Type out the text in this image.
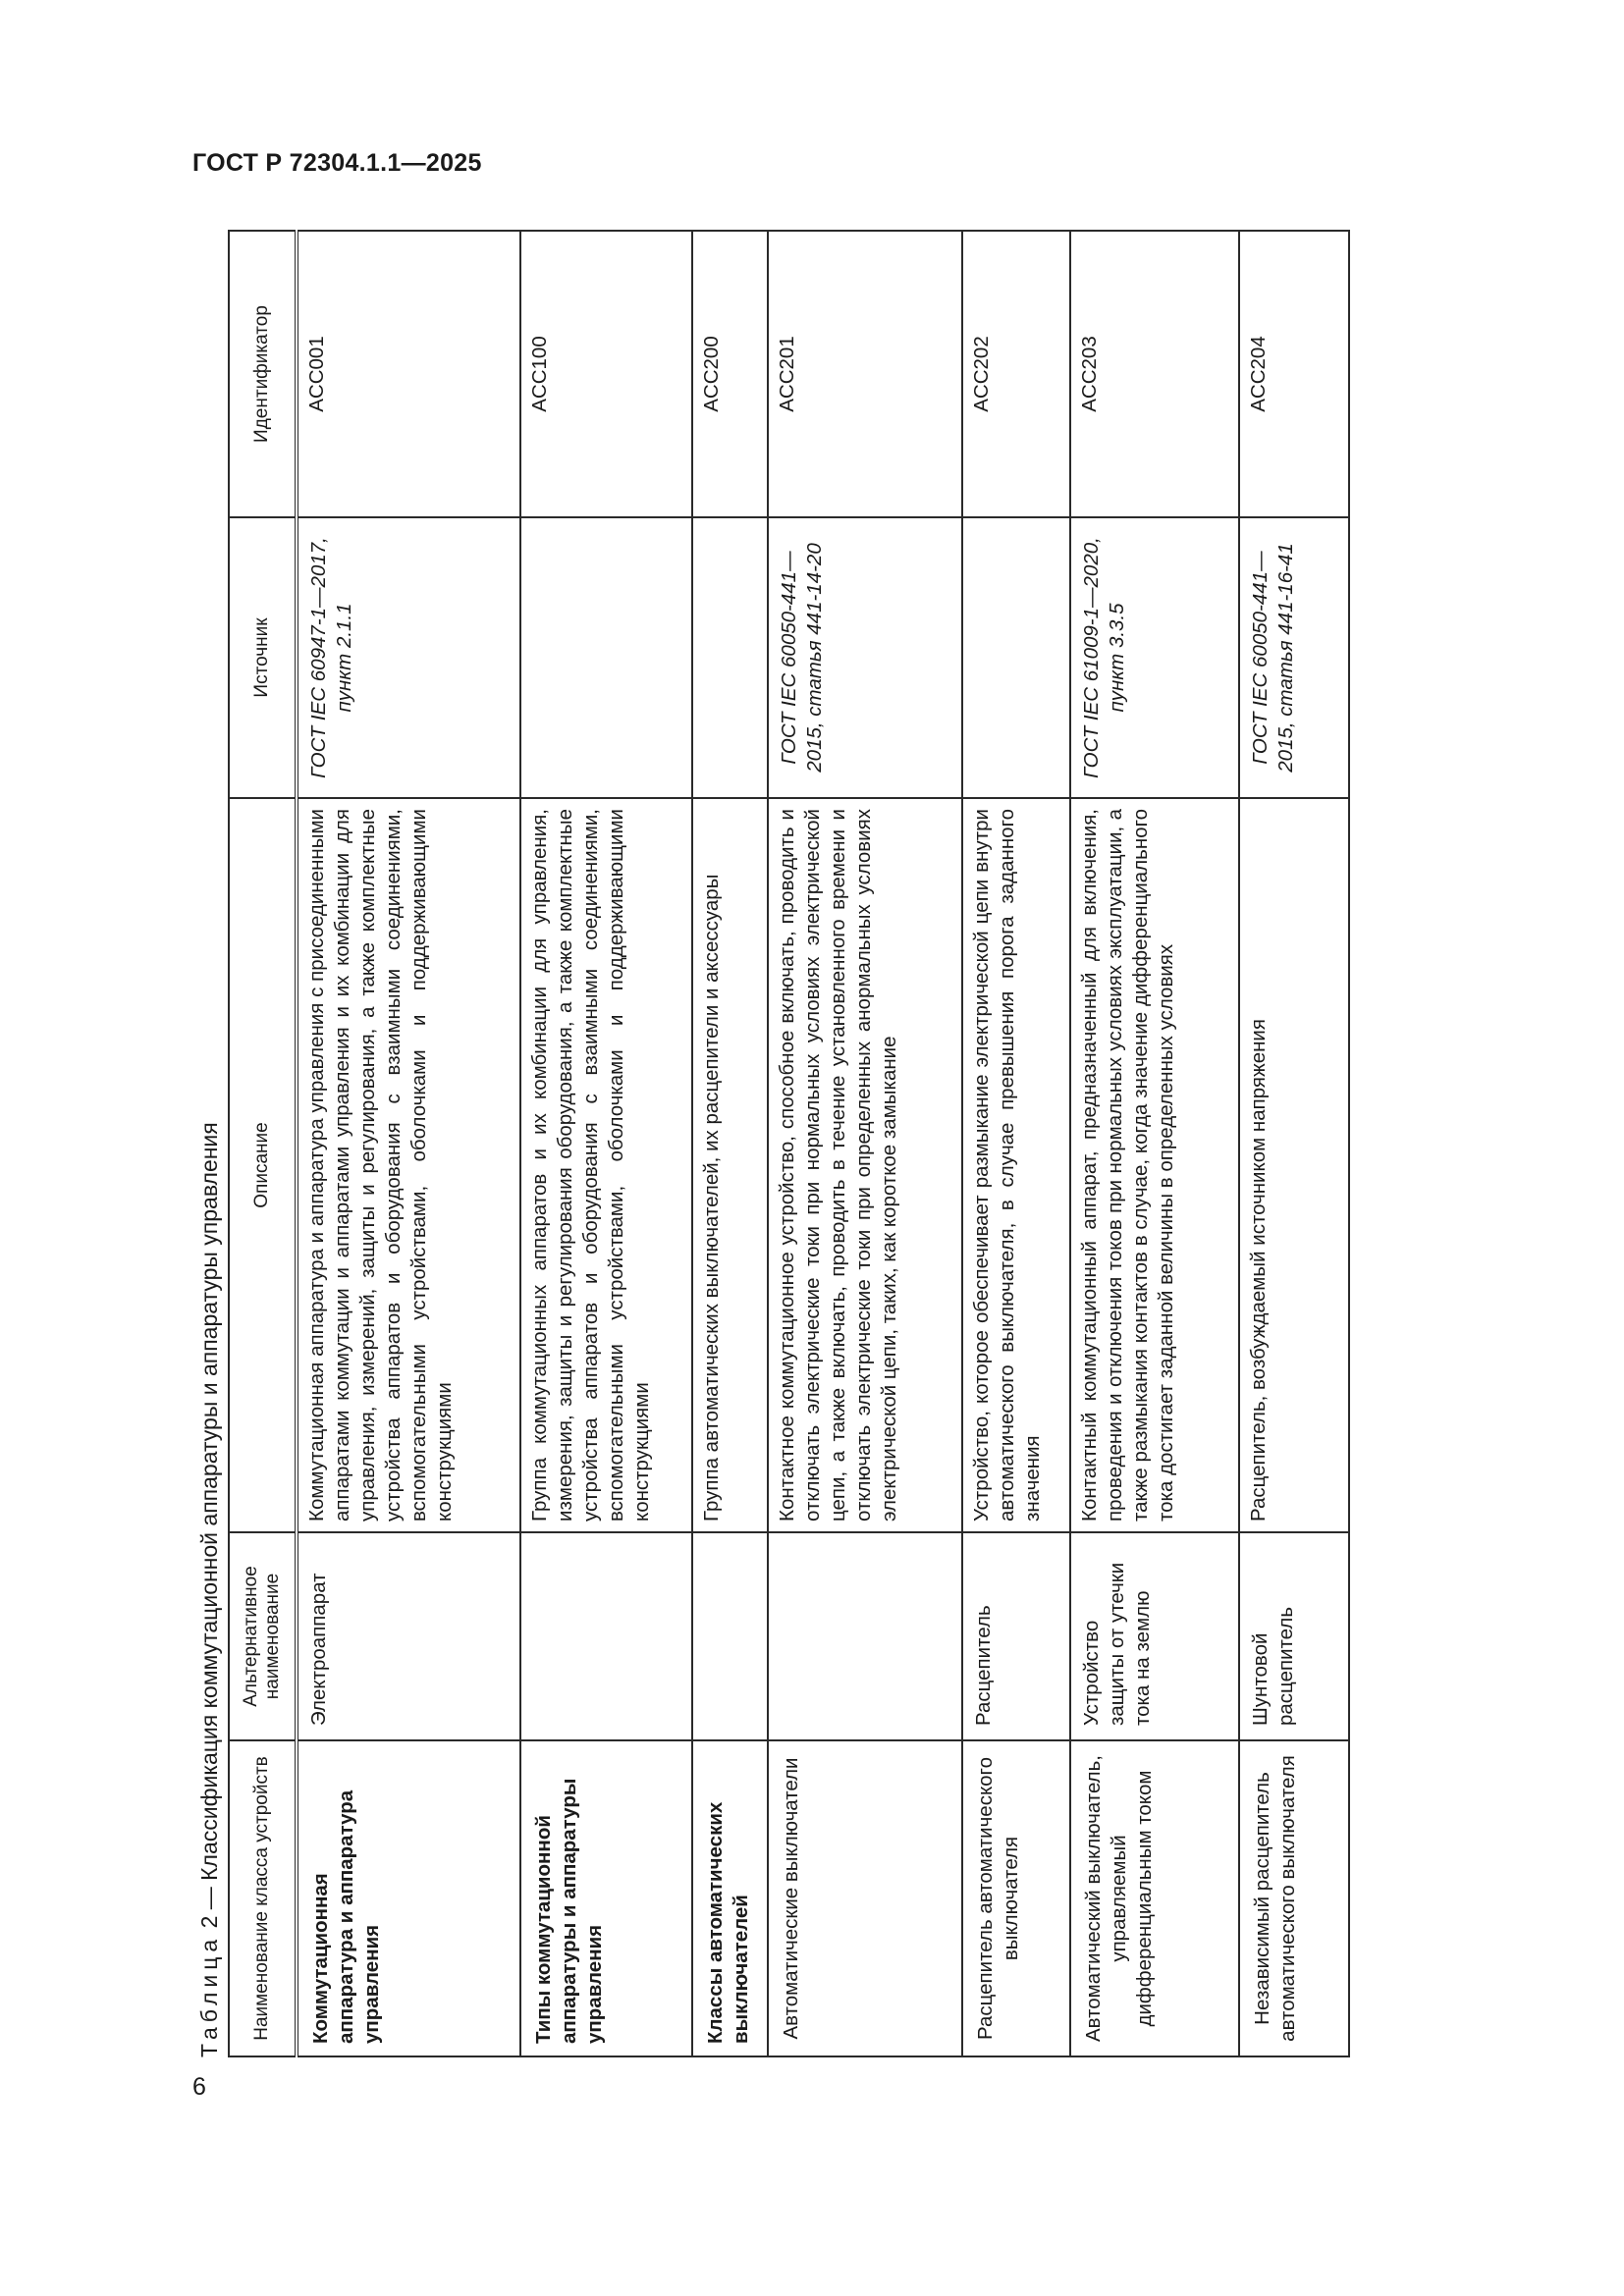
ГОСТ Р 72304.1.1—2025
6
Таблица 2 — Классификация коммутационной аппаратуры и аппаратуры управления Наименование класса устройств	Альтернативное наименование	Описание	Источник	Идентификатор
Коммутационная аппаратура и аппаратура управления	Электроаппарат	Коммутационная аппаратура и аппаратура управления с присоединенными аппаратами коммутации и аппаратами управления и их комбинации для управления, измерений, защиты и регулирования, а также комплектные устройства аппаратов и оборудования с взаимными соединениями, вспомогательными устройствами, оболочками и поддерживающими конструкциями	ГОСТ IEC 60947-1—2017, пункт 2.1.1	ACC001
Типы коммутационной аппаратуры и аппаратуры управления		Группа коммутационных аппаратов и их комбинации для управления, измерения, защиты и регулирования оборудования, а также комплектные устройства аппаратов и оборудования с взаимными соединениями, вспомогательными устройствами, оболочками и поддерживающими конструкциями		ACC100
Классы автоматических выключателей		Группа автоматических выключателей, их расцепители и аксессуары		ACC200
Автоматические выключатели		Контактное коммутационное устройство, способное включать, проводить и отключать электрические токи при нормальных условиях электрической цепи, а также включать, проводить в течение установленного времени и отключать электрические токи при определенных анормальных условиях электрической цепи, таких, как короткое замыкание	ГОСТ IEC 60050-441—2015, статья 441-14-20	ACC201
Расцепитель автоматического выключателя	Расцепитель	Устройство, которое обеспечивает размыкание электрической цепи внутри автоматического выключателя, в случае превышения порога заданного значения		ACC202
Автоматический выключатель, управляемый дифференциальным током	Устройство защиты от утечки тока на землю	Контактный коммутационный аппарат, предназначенный для включения, проведения и отключения токов при нормальных условиях эксплуатации, а также размыкания контактов в случае, когда значение дифференциального тока достигает заданной величины в определенных условиях	ГОСТ IEC 61009-1—2020, пункт 3.3.5	ACC203
Независимый расцепитель автоматического выключателя	Шунтовой расцепитель	Расцепитель, возбуждаемый источником напряжения	ГОСТ IEC 60050-441—2015, статья 441-16-41	ACC204
